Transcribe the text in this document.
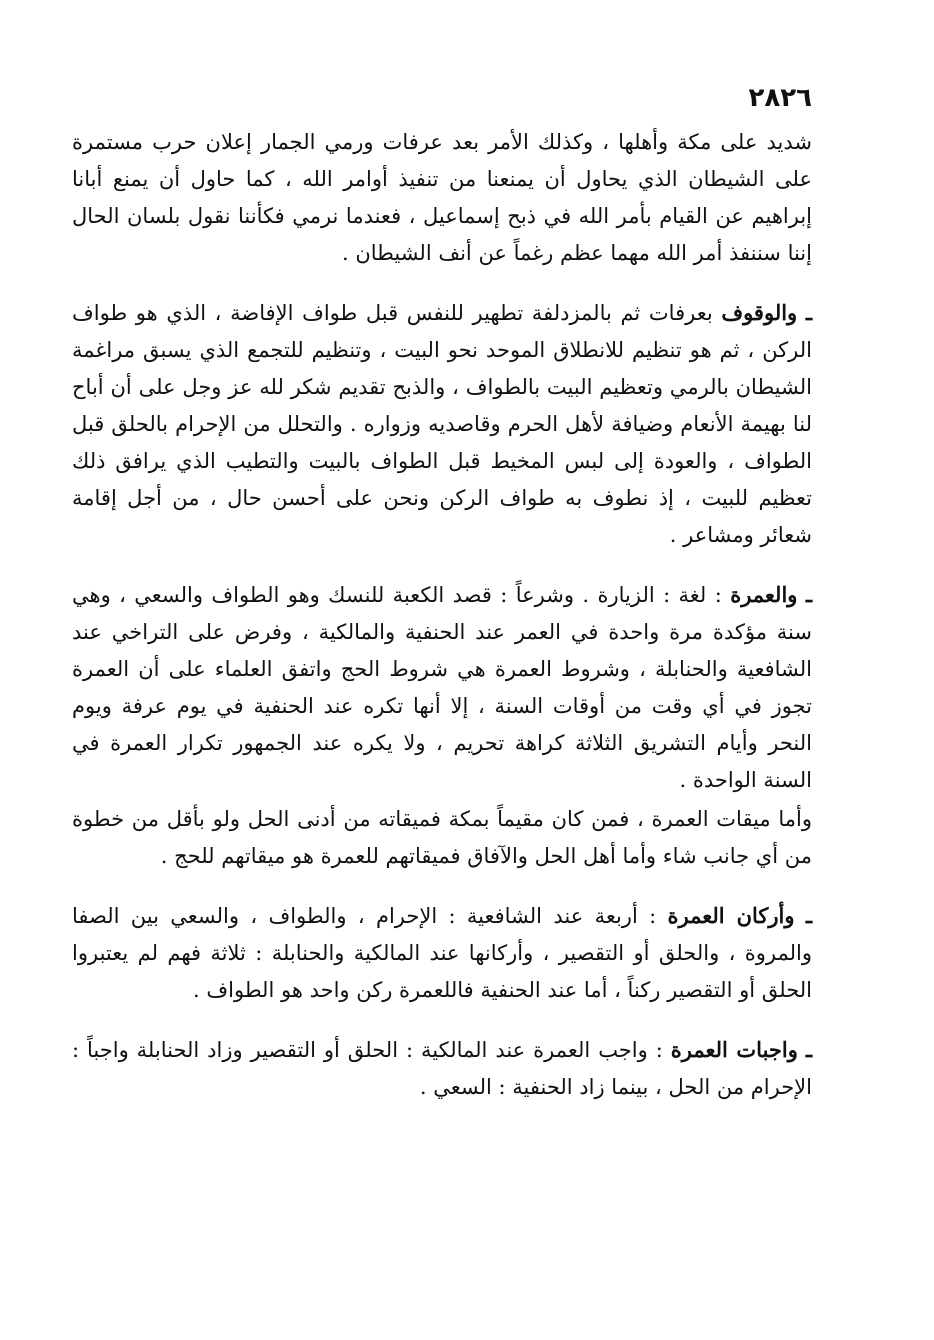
٢٨٢٦

شديد على مكة وأهلها ، وكذلك الأمر بعد عرفات ورمي الجمار إعلان حرب مستمرة على الشيطان الذي يحاول أن يمنعنا من تنفيذ أوامر الله ، كما حاول أن يمنع أبانا إبراهيم عن القيام بأمر الله في ذبح إسماعيل ، فعندما نرمي فكأننا نقول بلسان الحال إننا سننفذ أمر الله مهما عظم رغماً عن أنف الشيطان .

ـ والوقوف بعرفات ثم بالمزدلفة تطهير للنفس قبل طواف الإفاضة ، الذي هو طواف الركن ، ثم هو تنظيم للانطلاق الموحد نحو البيت ، وتنظيم للتجمع الذي يسبق مراغمة الشيطان بالرمي وتعظيم البيت بالطواف ، والذبح تقديم شكر لله عز وجل على أن أباح لنا بهيمة الأنعام وضيافة لأهل الحرم وقاصديه وزواره . والتحلل من الإحرام بالحلق قبل الطواف ، والعودة إلى لبس المخيط قبل الطواف بالبيت والتطيب الذي يرافق ذلك تعظيم للبيت ، إذ نطوف به طواف الركن ونحن على أحسن حال ، من أجل إقامة شعائر ومشاعر .

ـ والعمرة : لغة : الزيارة . وشرعاً : قصد الكعبة للنسك وهو الطواف والسعي ، وهي سنة مؤكدة مرة واحدة في العمر عند الحنفية والمالكية ، وفرض على التراخي عند الشافعية والحنابلة ، وشروط العمرة هي شروط الحج واتفق العلماء على أن العمرة تجوز في أي وقت من أوقات السنة ، إلا أنها تكره عند الحنفية في يوم عرفة ويوم النحر وأيام التشريق الثلاثة كراهة تحريم ، ولا يكره عند الجمهور تكرار العمرة في السنة الواحدة .

وأما ميقات العمرة ، فمن كان مقيماً بمكة فميقاته من أدنى الحل ولو بأقل من خطوة من أي جانب شاء وأما أهل الحل والآفاق فميقاتهم للعمرة هو ميقاتهم للحج .

ـ وأركان العمرة : أربعة عند الشافعية : الإحرام ، والطواف ، والسعي بين الصفا والمروة ، والحلق أو التقصير ، وأركانها عند المالكية والحنابلة : ثلاثة فهم لم يعتبروا الحلق أو التقصير ركناً ، أما عند الحنفية فاللعمرة ركن واحد هو الطواف .

ـ واجبات العمرة : واجب العمرة عند المالكية : الحلق أو التقصير وزاد الحنابلة واجباً : الإحرام من الحل ، بينما زاد الحنفية : السعي .
